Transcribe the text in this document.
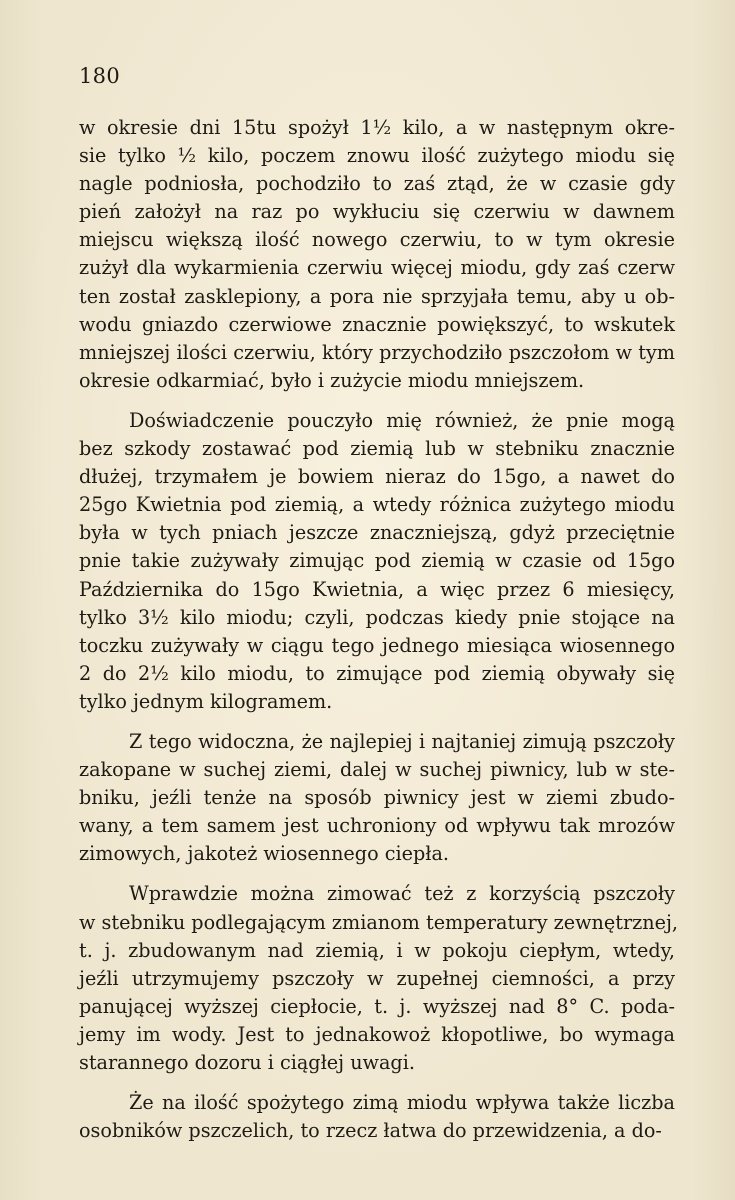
180
w okresie dni 15tu spożył 1½ kilo, a w następnym okre-
sie tylko ½ kilo, poczem znowu ilość zużytego miodu się
nagle podniosła, pochodziło to zaś ztąd, że w czasie gdy
pień założył na raz po wykłuciu się czerwiu w dawnem
miejscu większą ilość nowego czerwiu, to w tym okresie
zużył dla wykarmienia czerwiu więcej miodu, gdy zaś czerw
ten został zasklepiony, a pora nie sprzyjała temu, aby u ob-
wodu gniazdo czerwiowe znacznie powiększyć, to wskutek
mniejszej ilości czerwiu, który przychodziło pszczołom w tym
okresie odkarmiać, było i zużycie miodu mniejszem.
Doświadczenie pouczyło mię również, że pnie mogą
bez szkody zostawać pod ziemią lub w stebniku znacznie
dłużej, trzymałem je bowiem nieraz do 15go, a nawet do
25go Kwietnia pod ziemią, a wtedy różnica zużytego miodu
była w tych pniach jeszcze znaczniejszą, gdyż przeciętnie
pnie takie zużywały zimując pod ziemią w czasie od 15go
Października do 15go Kwietnia, a więc przez 6 miesięcy,
tylko 3½ kilo miodu; czyli, podczas kiedy pnie stojące na
toczku zużywały w ciągu tego jednego miesiąca wiosennego
2 do 2½ kilo miodu, to zimujące pod ziemią obywały się
tylko jednym kilogramem.
Z tego widoczna, że najlepiej i najtaniej zimują pszczoły
zakopane w suchej ziemi, dalej w suchej piwnicy, lub w ste-
bniku, jeźli tenże na sposób piwnicy jest w ziemi zbudo-
wany, a tem samem jest uchroniony od wpływu tak mrozów
zimowych, jakoteż wiosennego ciepła.
Wprawdzie można zimować też z korzyścią pszczoły
w stebniku podlegającym zmianom temperatury zewnętrznej,
t. j. zbudowanym nad ziemią, i w pokoju ciepłym, wtedy,
jeźli utrzymujemy pszczoły w zupełnej ciemności, a przy
panującej wyższej ciepłocie, t. j. wyższej nad 8° C. poda-
jemy im wody. Jest to jednakowoż kłopotliwe, bo wymaga
starannego dozoru i ciągłej uwagi.
Że na ilość spożytego zimą miodu wpływa także liczba
osobników pszczelich, to rzecz łatwa do przewidzenia, a do-
